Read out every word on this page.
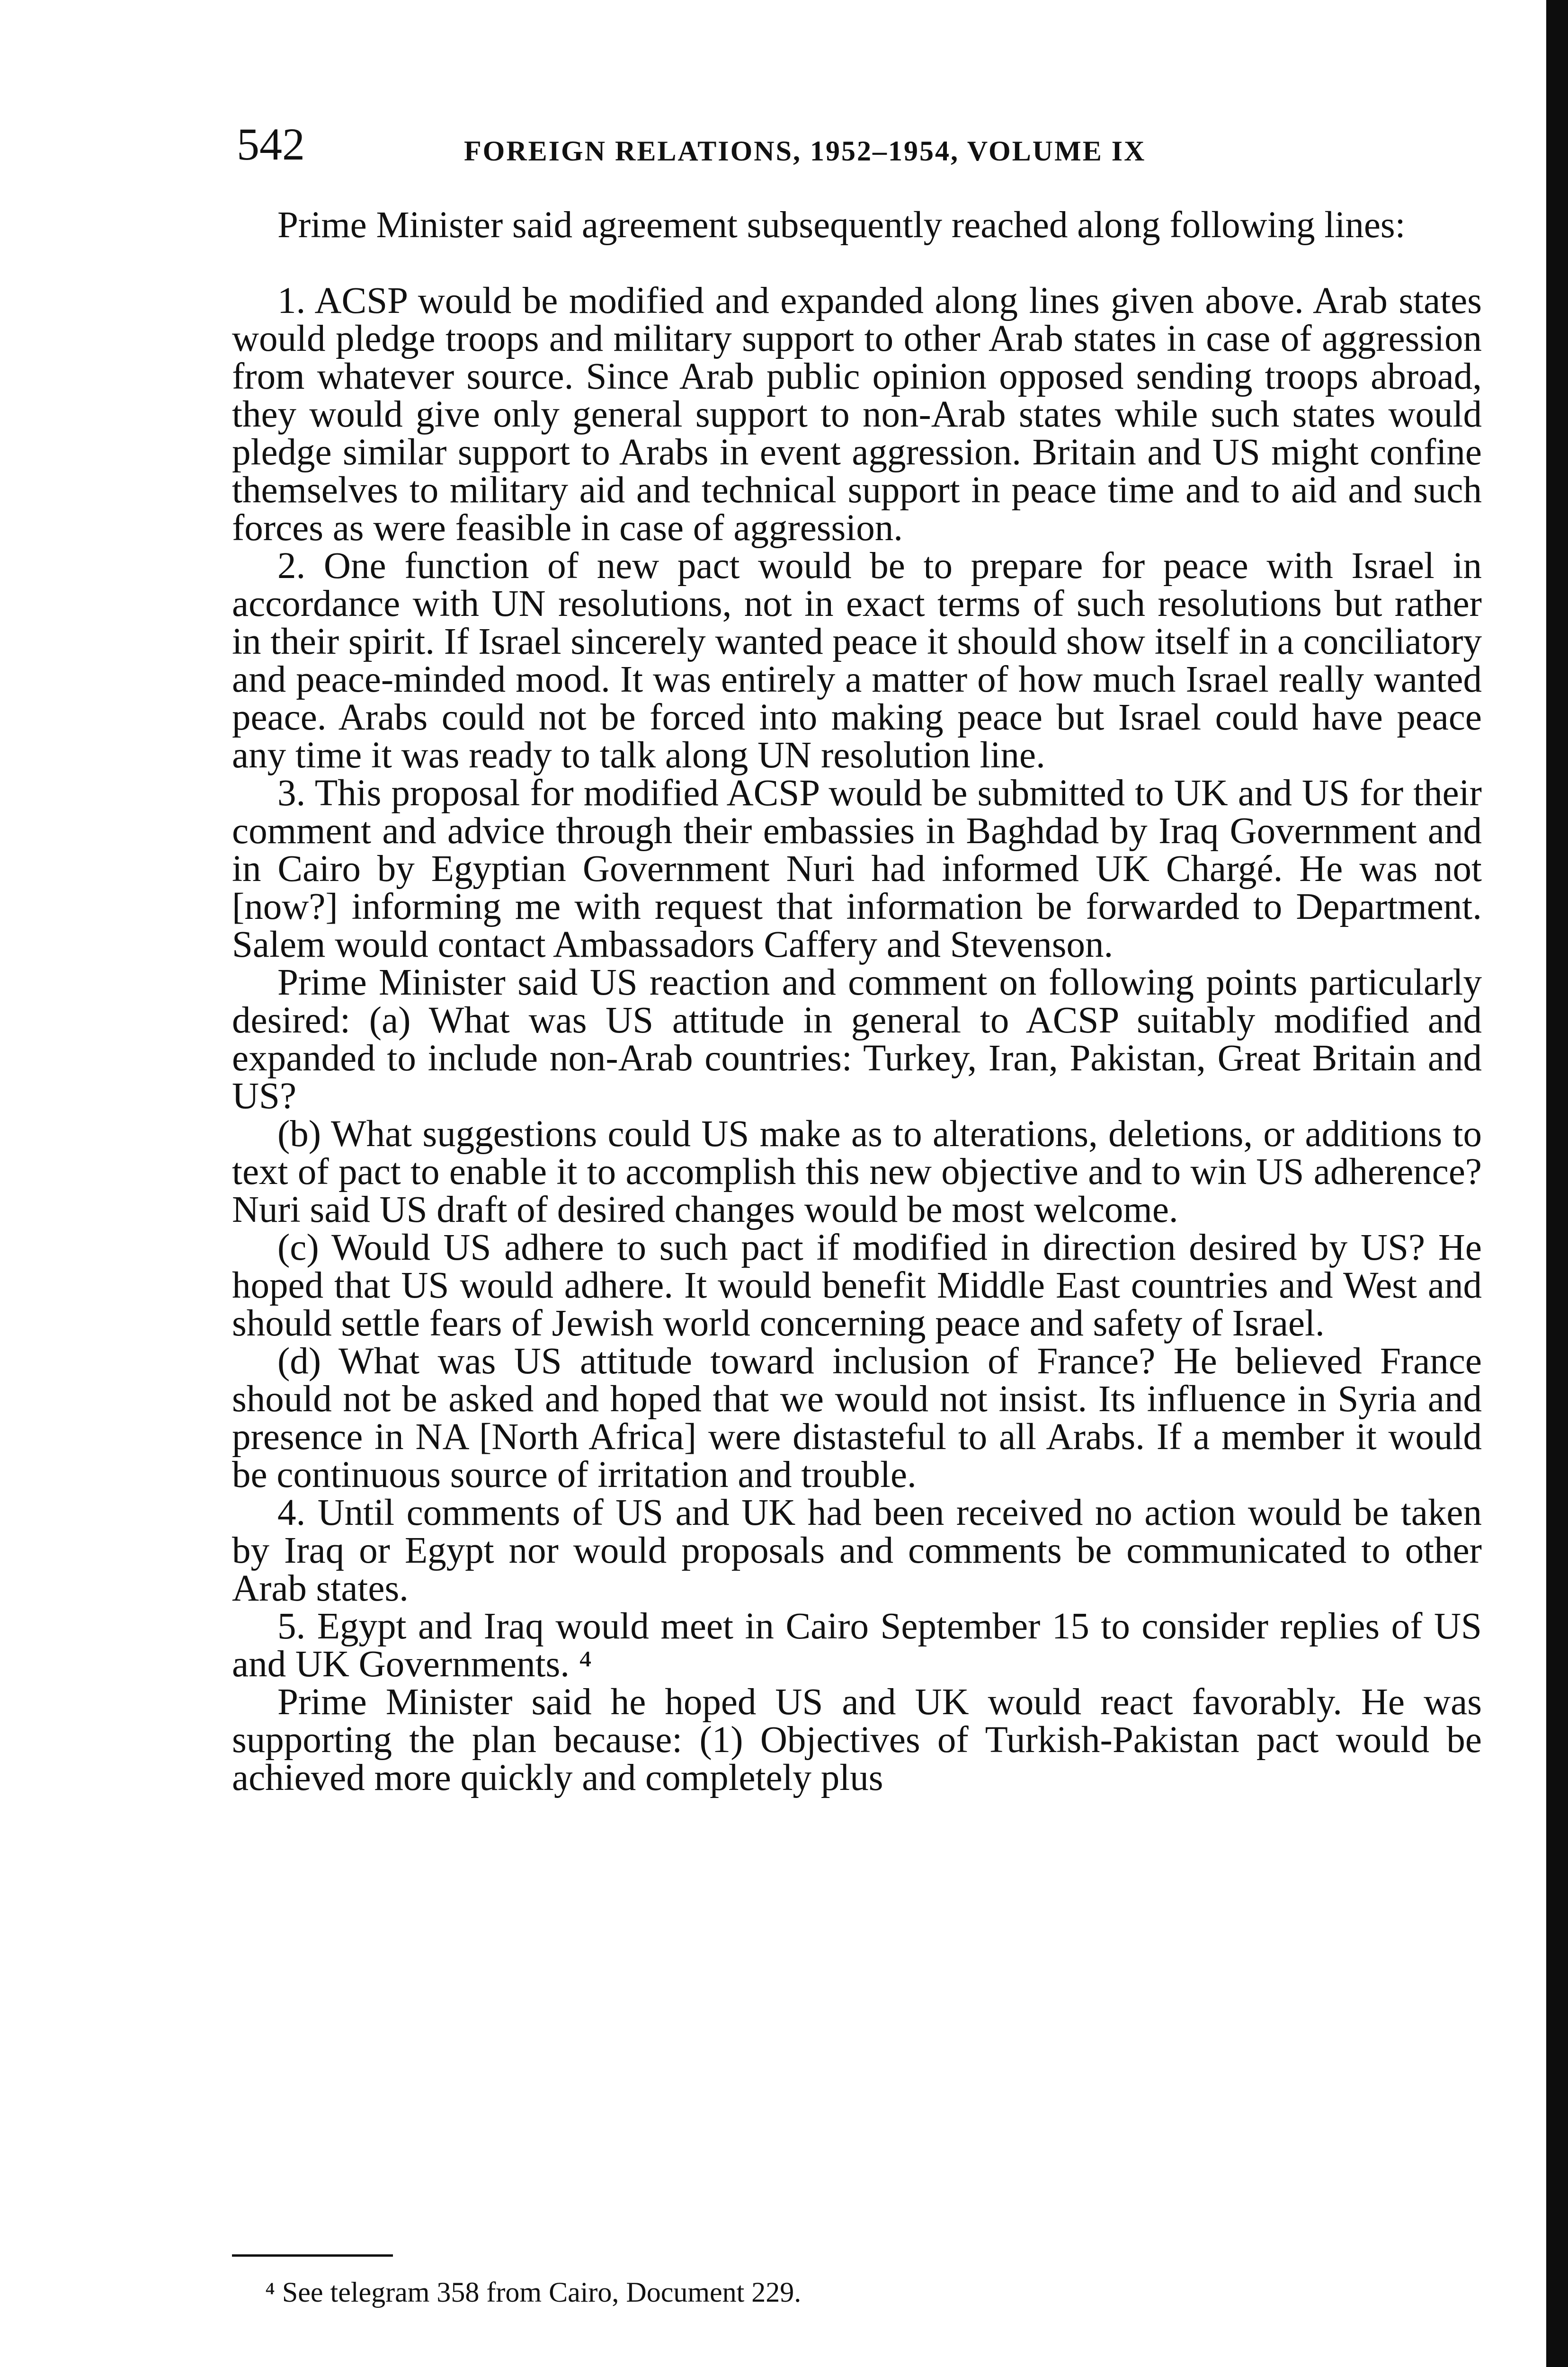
542	FOREIGN RELATIONS, 1952–1954, VOLUME IX

Prime Minister said agreement subsequently reached along following lines:

1. ACSP would be modified and expanded along lines given above. Arab states would pledge troops and military support to other Arab states in case of aggression from whatever source. Since Arab public opinion opposed sending troops abroad, they would give only general support to non-Arab states while such states would pledge similar support to Arabs in event aggression. Britain and US might confine themselves to military aid and technical support in peace time and to aid and such forces as were feasible in case of aggression.

2. One function of new pact would be to prepare for peace with Israel in accordance with UN resolutions, not in exact terms of such resolutions but rather in their spirit. If Israel sincerely wanted peace it should show itself in a conciliatory and peace-minded mood. It was entirely a matter of how much Israel really wanted peace. Arabs could not be forced into making peace but Israel could have peace any time it was ready to talk along UN resolution line.

3. This proposal for modified ACSP would be submitted to UK and US for their comment and advice through their embassies in Baghdad by Iraq Government and in Cairo by Egyptian Government Nuri had informed UK Chargé. He was not [now?] informing me with request that information be forwarded to Department. Salem would contact Ambassadors Caffery and Stevenson.

Prime Minister said US reaction and comment on following points particularly desired: (a) What was US attitude in general to ACSP suitably modified and expanded to include non-Arab countries: Turkey, Iran, Pakistan, Great Britain and US?

(b) What suggestions could US make as to alterations, deletions, or additions to text of pact to enable it to accomplish this new objective and to win US adherence? Nuri said US draft of desired changes would be most welcome.

(c) Would US adhere to such pact if modified in direction desired by US? He hoped that US would adhere. It would benefit Middle East countries and West and should settle fears of Jewish world concerning peace and safety of Israel.

(d) What was US attitude toward inclusion of France? He believed France should not be asked and hoped that we would not insist. Its influence in Syria and presence in NA [North Africa] were distasteful to all Arabs. If a member it would be continuous source of irritation and trouble.

4. Until comments of US and UK had been received no action would be taken by Iraq or Egypt nor would proposals and comments be communicated to other Arab states.

5. Egypt and Iraq would meet in Cairo September 15 to consider replies of US and UK Governments. ⁴

Prime Minister said he hoped US and UK would react favorably. He was supporting the plan because: (1) Objectives of Turkish-Pakistan pact would be achieved more quickly and completely plus

⁴ See telegram 358 from Cairo, Document 229.
